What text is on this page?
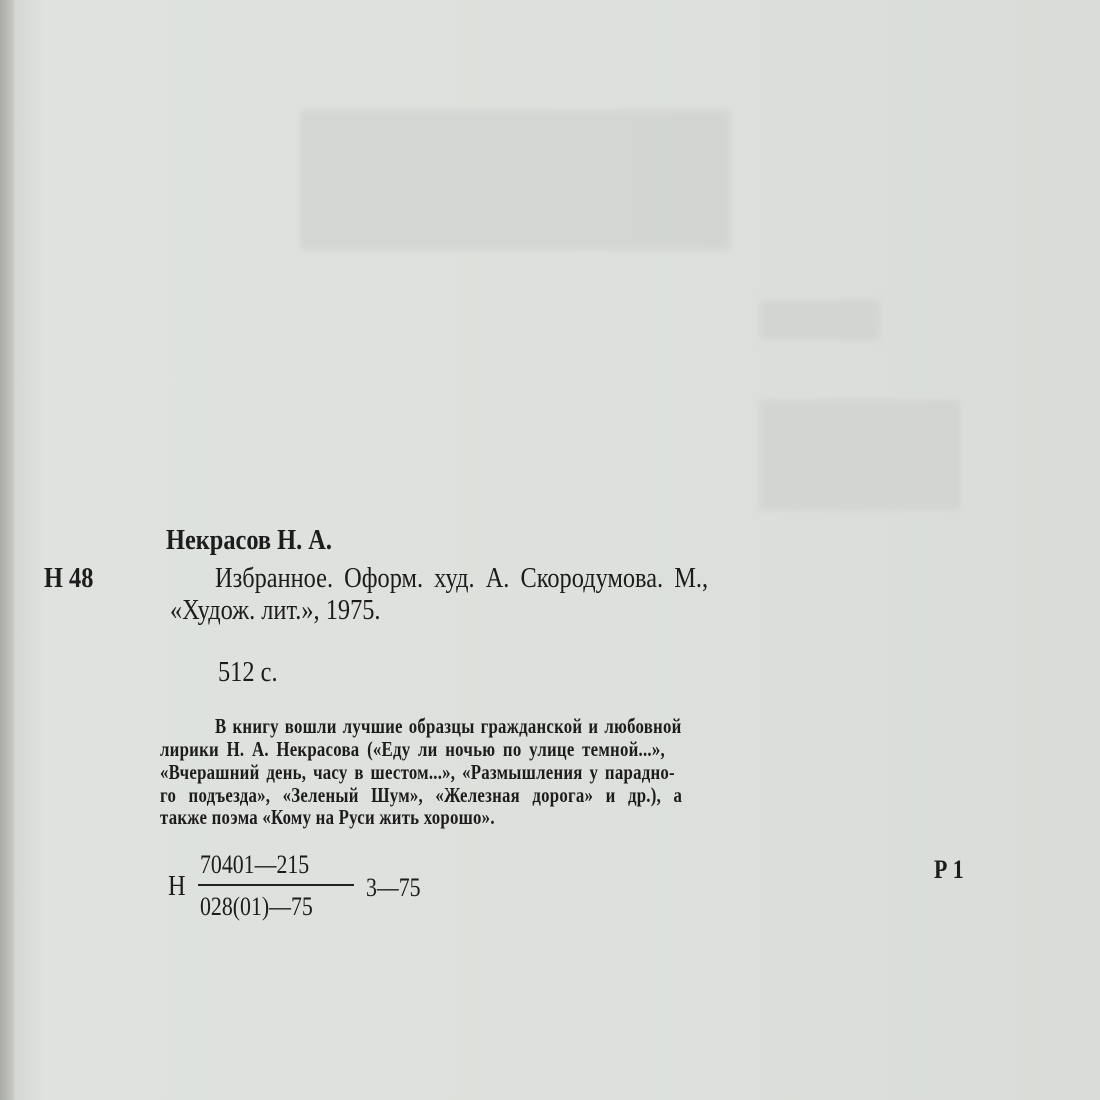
Некрасов Н. А.
Н 48	Избранное. Оформ. худ. А. Скородумова. М.,
«Худож. лит.», 1975.
512 с.
В книгу вошли лучшие образцы гражданской и любовной
лирики Н. А. Некрасова («Еду ли ночью по улице темной...»,
«Вчерашний день, часу в шестом...», «Размышления у парадно-
го подъезда», «Зеленый Шум», «Железная дорога» и др.), а
также поэма «Кому на Руси жить хорошо».
Н
70401—215
028(01)—75
3—75
Р 1
